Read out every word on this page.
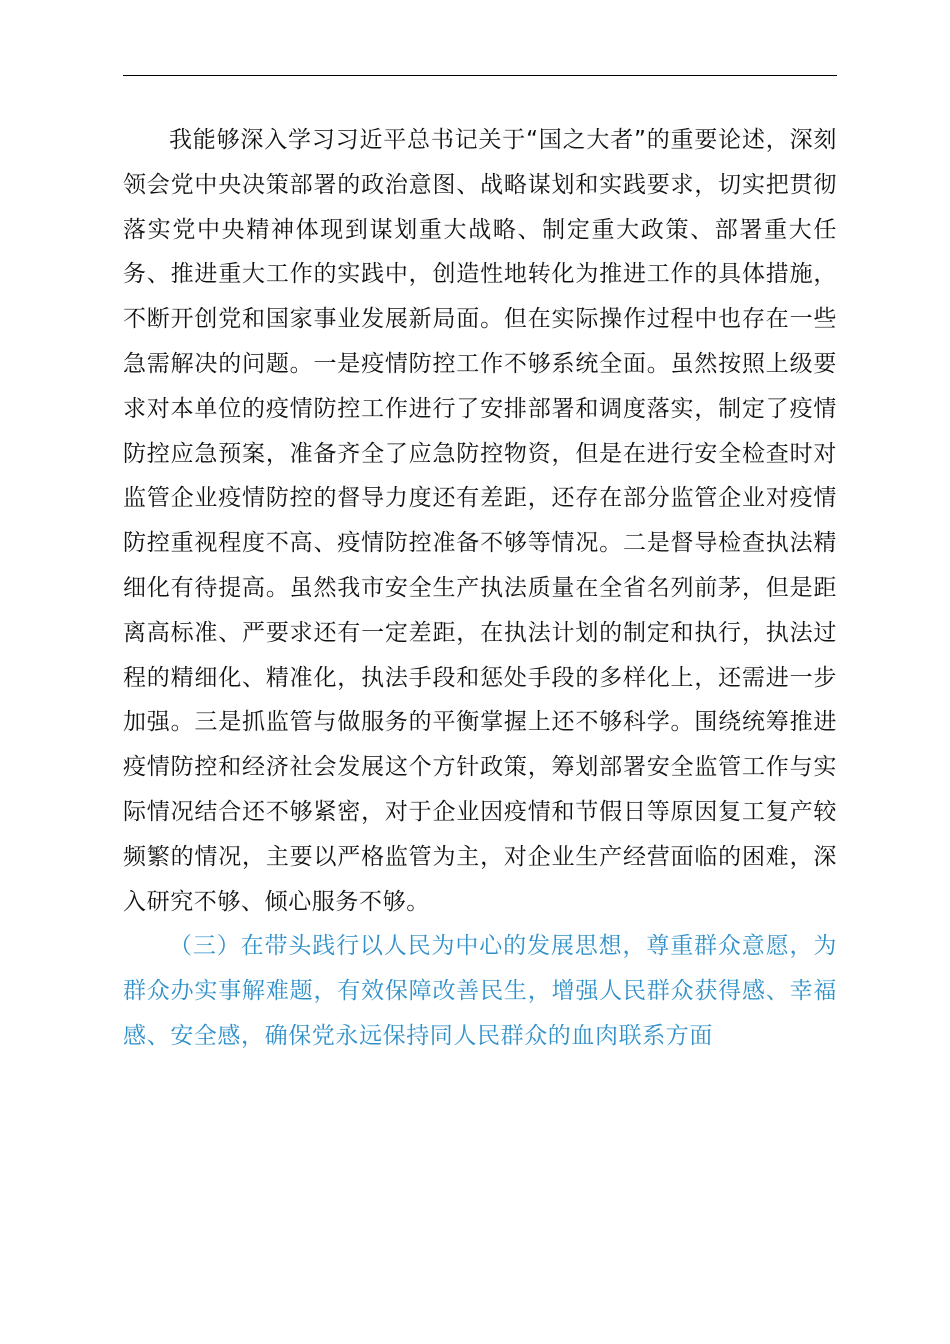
我能够深入学习习近平总书记关于“国之大者”的重要论述，深刻领会党中央决策部署的政治意图、战略谋划和实践要求，切实把贯彻落实党中央精神体现到谋划重大战略、制定重大政策、部署重大任务、推进重大工作的实践中，创造性地转化为推进工作的具体措施，不断开创党和国家事业发展新局面。但在实际操作过程中也存在一些急需解决的问题。一是疫情防控工作不够系统全面。虽然按照上级要求对本单位的疫情防控工作进行了安排部署和调度落实，制定了疫情防控应急预案，准备齐全了应急防控物资，但是在进行安全检查时对监管企业疫情防控的督导力度还有差距，还存在部分监管企业对疫情防控重视程度不高、疫情防控准备不够等情况。二是督导检查执法精细化有待提高。虽然我市安全生产执法质量在全省名列前茅，但是距离高标准、严要求还有一定差距，在执法计划的制定和执行，执法过程的精细化、精准化，执法手段和惩处手段的多样化上，还需进一步加强。三是抓监管与做服务的平衡掌握上还不够科学。围绕统筹推进疫情防控和经济社会发展这个方针政策，筹划部署安全监管工作与实际情况结合还不够紧密，对于企业因疫情和节假日等原因复工复产较频繁的情况，主要以严格监管为主，对企业生产经营面临的困难，深入研究不够、倾心服务不够。

（三）在带头践行以人民为中心的发展思想，尊重群众意愿，为群众办实事解难题，有效保障改善民生，增强人民群众获得感、幸福感、安全感，确保党永远保持同人民群众的血肉联系方面
